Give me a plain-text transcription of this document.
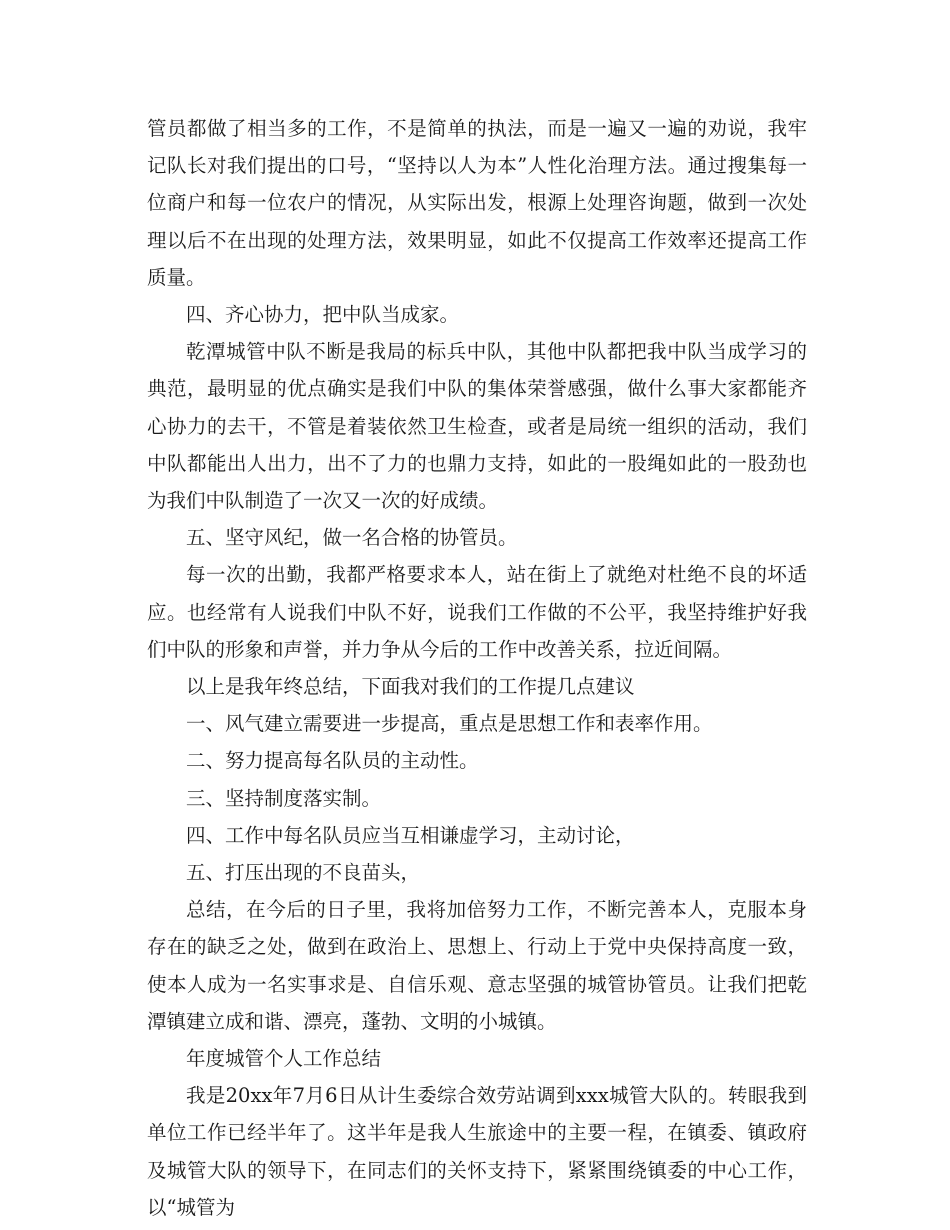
管员都做了相当多的工作，不是简单的执法，而是一遍又一遍的劝说，我牢记队长对我们提出的口号，“坚持以人为本”人性化治理方法。通过搜集每一位商户和每一位农户的情况，从实际出发，根源上处理咨询题，做到一次处理以后不在出现的处理方法，效果明显，如此不仅提高工作效率还提高工作质量。

四、齐心协力，把中队当成家。

乾潭城管中队不断是我局的标兵中队，其他中队都把我中队当成学习的典范，最明显的优点确实是我们中队的集体荣誉感强，做什么事大家都能齐心协力的去干，不管是着装依然卫生检查，或者是局统一组织的活动，我们中队都能出人出力，出不了力的也鼎力支持，如此的一股绳如此的一股劲也为我们中队制造了一次又一次的好成绩。

五、坚守风纪，做一名合格的协管员。

每一次的出勤，我都严格要求本人，站在街上了就绝对杜绝不良的坏适应。也经常有人说我们中队不好，说我们工作做的不公平，我坚持维护好我们中队的形象和声誉，并力争从今后的工作中改善关系，拉近间隔。

以上是我年终总结，下面我对我们的工作提几点建议

一、风气建立需要进一步提高，重点是思想工作和表率作用。

二、努力提高每名队员的主动性。

三、坚持制度落实制。

四、工作中每名队员应当互相谦虚学习，主动讨论，

五、打压出现的不良苗头，

总结，在今后的日子里，我将加倍努力工作，不断完善本人，克服本身存在的缺乏之处，做到在政治上、思想上、行动上于党中央保持高度一致，使本人成为一名实事求是、自信乐观、意志坚强的城管协管员。让我们把乾潭镇建立成和谐、漂亮，蓬勃、文明的小城镇。

年度城管个人工作总结

我是20xx年7月6日从计生委综合效劳站调到xxx城管大队的。转眼我到单位工作已经半年了。这半年是我人生旅途中的主要一程，在镇委、镇政府及城管大队的领导下，在同志们的关怀支持下，紧紧围绕镇委的中心工作，以“城管为
